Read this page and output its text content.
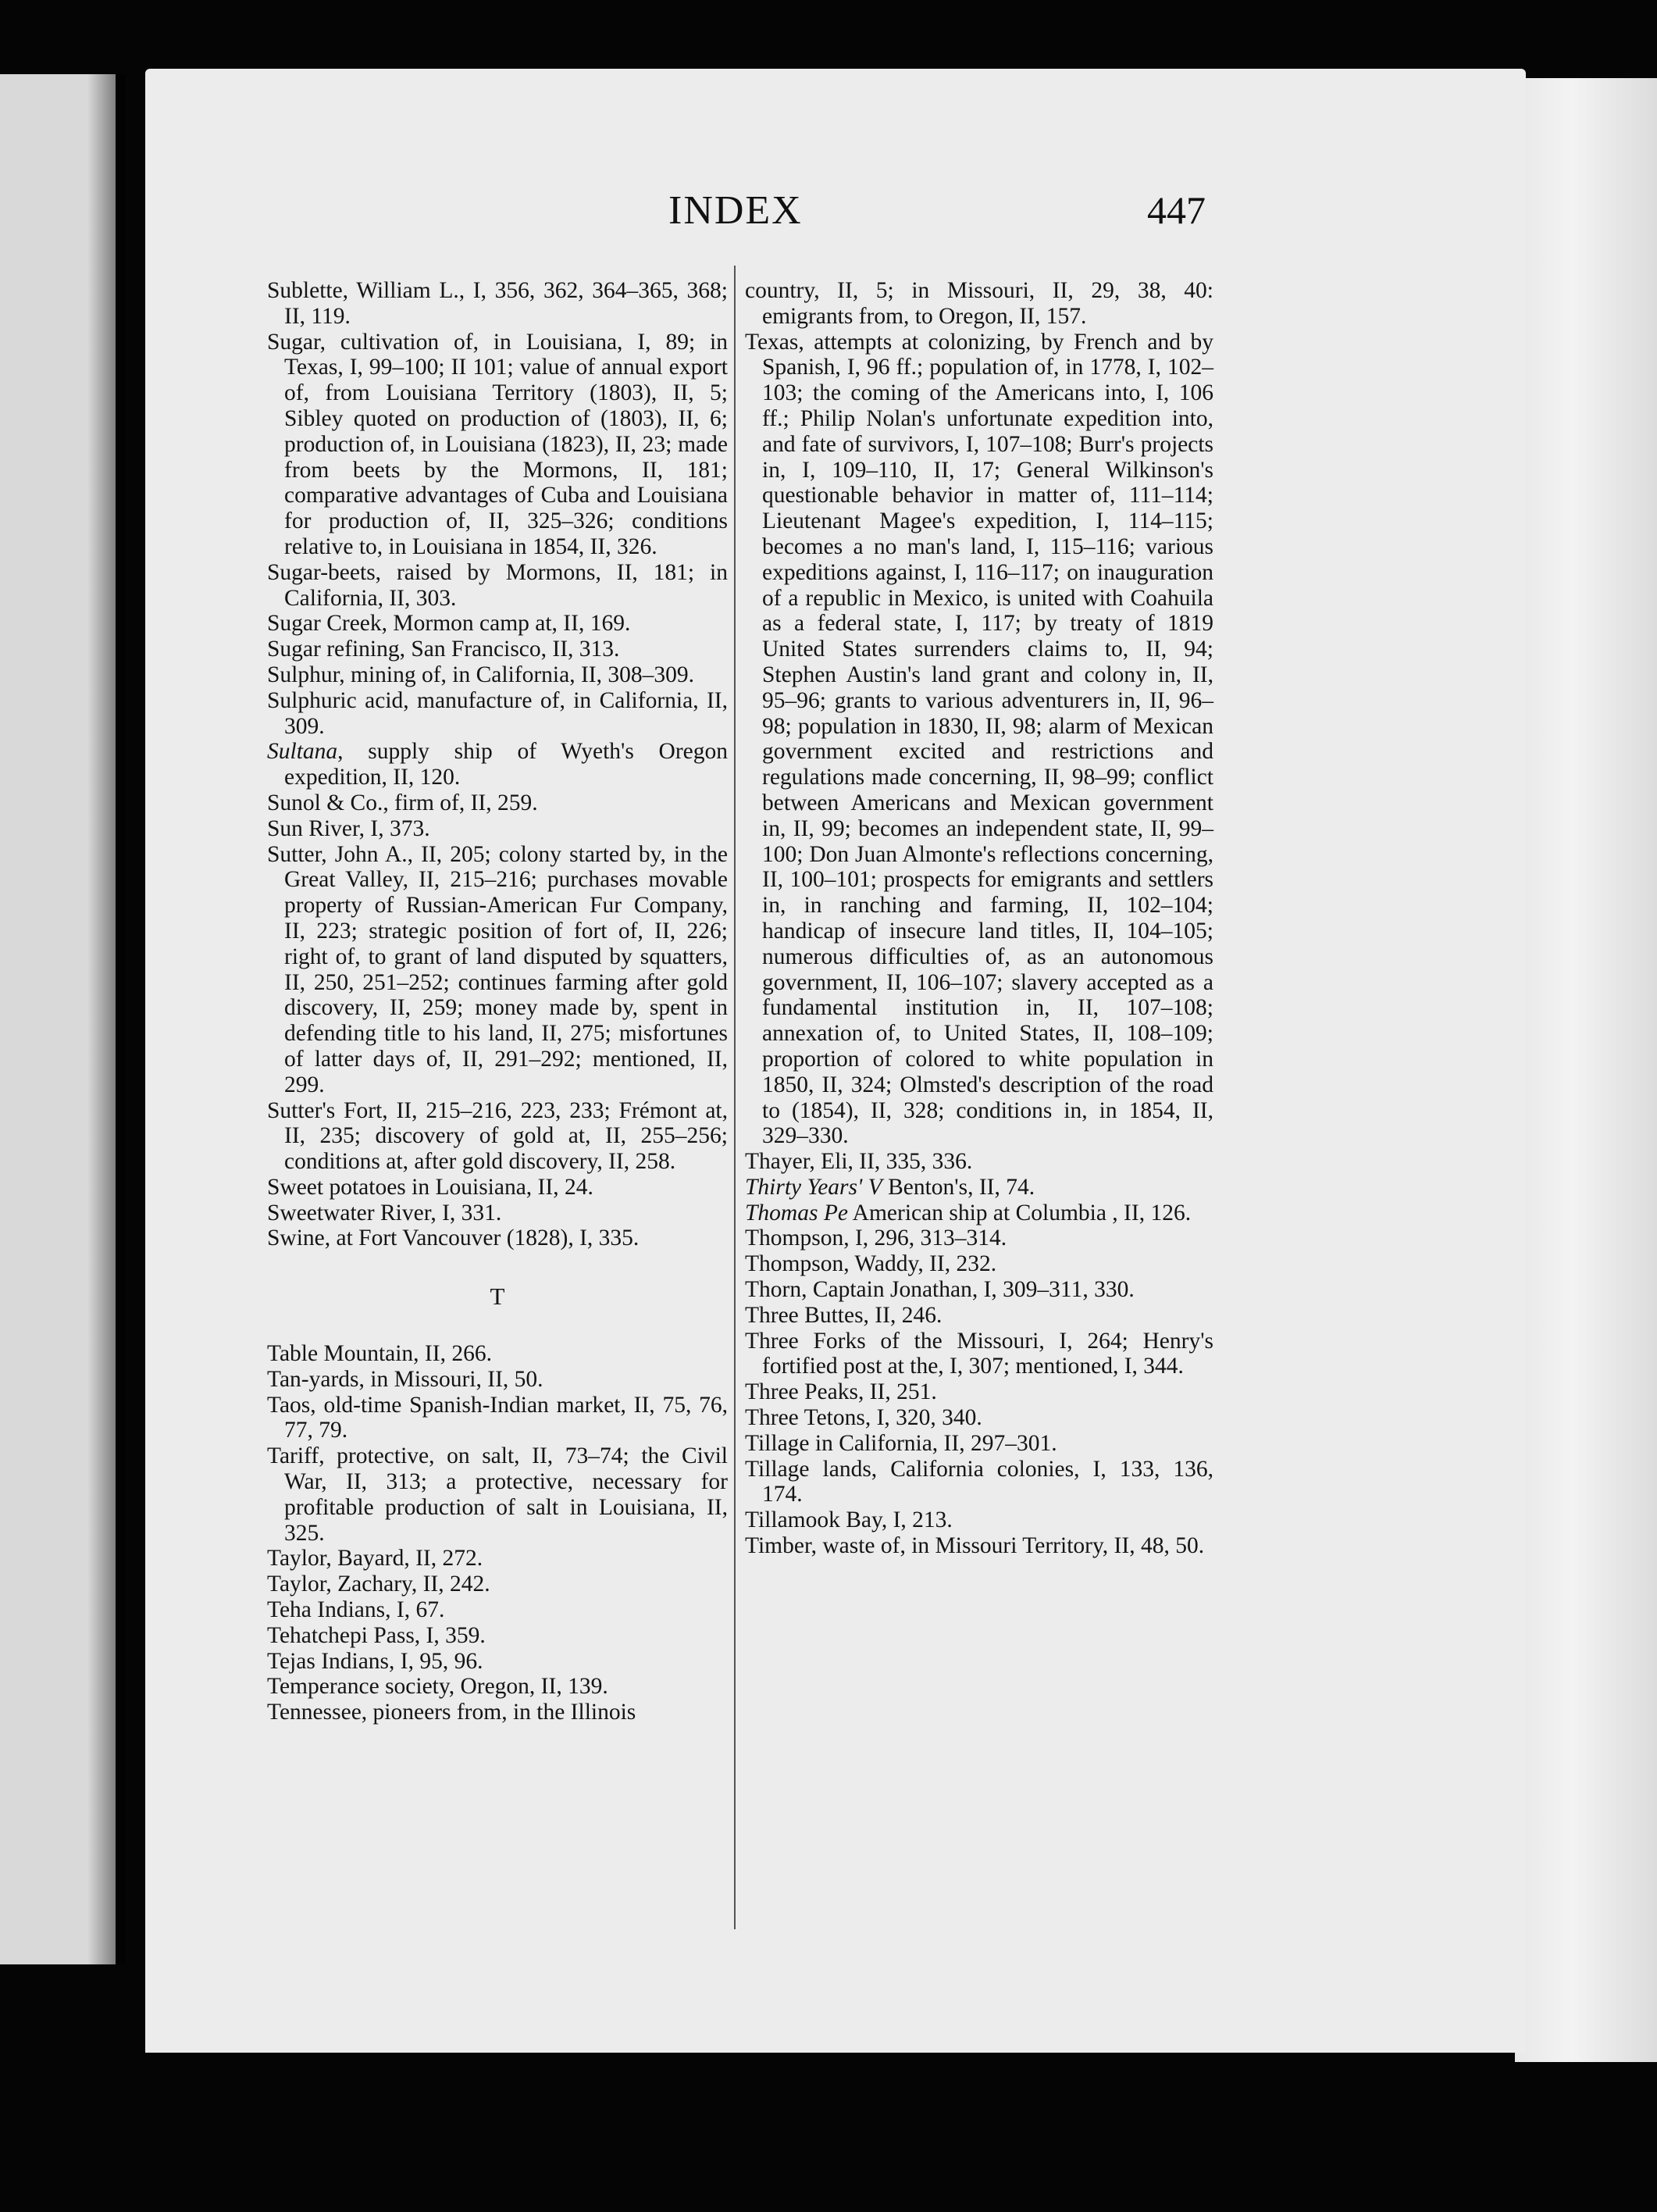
INDEX	447

Sublette, William L., I, 356, 362, 364–365, 368; II, 119.

Sugar, cultivation of, in Louisiana, I, 89; in Texas, I, 99–100; II 101; value of annual export of, from Louisiana Territory (1803), II, 5; Sibley quoted on production of (1803), II, 6; production of, in Louisiana (1823), II, 23; made from beets by the Mormons, II, 181; comparative advantages of Cuba and Louisiana for production of, II, 325–326; conditions relative to, in Louisiana in 1854, II, 326.

Sugar-beets, raised by Mormons, II, 181; in California, II, 303.

Sugar Creek, Mormon camp at, II, 169.

Sugar refining, San Francisco, II, 313.

Sulphur, mining of, in California, II, 308–309.

Sulphuric acid, manufacture of, in California, II, 309.

Sultana, supply ship of Wyeth's Oregon expedition, II, 120.

Sunol & Co., firm of, II, 259.

Sun River, I, 373.

Sutter, John A., II, 205; colony started by, in the Great Valley, II, 215–216; purchases movable property of Russian-American Fur Company, II, 223; strategic position of fort of, II, 226; right of, to grant of land disputed by squatters, II, 250, 251–252; continues farming after gold discovery, II, 259; money made by, spent in defending title to his land, II, 275; misfortunes of latter days of, II, 291–292; mentioned, II, 299.

Sutter's Fort, II, 215–216, 223, 233; Frémont at, II, 235; discovery of gold at, II, 255–256; conditions at, after gold discovery, II, 258.

Sweet potatoes in Louisiana, II, 24.

Sweetwater River, I, 331.

Swine, at Fort Vancouver (1828), I, 335.

T

Table Mountain, II, 266.

Tan-yards, in Missouri, II, 50.

Taos, old-time Spanish-Indian market, II, 75, 76, 77, 79.

Tariff, protective, on salt, II, 73–74; the Civil War, II, 313; a protective, necessary for profitable production of salt in Louisiana, II, 325.

Taylor, Bayard, II, 272.

Taylor, Zachary, II, 242.

Teha Indians, I, 67.

Tehatchepi Pass, I, 359.

Tejas Indians, I, 95, 96.

Temperance society, Oregon, II, 139.

Tennessee, pioneers from, in the Illinois

country, II, 5; in Missouri, II, 29, 38, 40: emigrants from, to Oregon, II, 157.

Texas, attempts at colonizing, by French and by Spanish, I, 96 ff.; population of, in 1778, I, 102–103; the coming of the Americans into, I, 106 ff.; Philip Nolan's unfortunate expedition into, and fate of survivors, I, 107–108; Burr's projects in, I, 109–110, II, 17; General Wilkinson's questionable behavior in matter of, 111–114; Lieutenant Magee's expedition, I, 114–115; becomes a no man's land, I, 115–116; various expeditions against, I, 116–117; on inauguration of a republic in Mexico, is united with Coahuila as a federal state, I, 117; by treaty of 1819 United States surrenders claims to, II, 94; Stephen Austin's land grant and colony in, II, 95–96; grants to various adventurers in, II, 96–98; population in 1830, II, 98; alarm of Mexican government excited and restrictions and regulations made concerning, II, 98–99; conflict between Americans and Mexican government in, II, 99; becomes an independent state, II, 99–100; Don Juan Almonte's reflections concerning, II, 100–101; prospects for emigrants and settlers in, in ranching and farming, II, 102–104; handicap of insecure land titles, II, 104–105; numerous difficulties of, as an autonomous government, II, 106–107; slavery accepted as a fundamental institution in, II, 107–108; annexation of, to United States, II, 108–109; proportion of colored to white population in 1850, II, 324; Olmsted's description of the road to (1854), II, 328; conditions in, in 1854, II, 329–330.

Thayer, Eli, II, 335, 336.

Thirty Years' V Benton's, II, 74.

Thomas Pe American ship at Columbia , II, 126.

Thompson, I, 296, 313–314.

Thompson, Waddy, II, 232.

Thorn, Captain Jonathan, I, 309–311, 330.

Three Buttes, II, 246.

Three Forks of the Missouri, I, 264; Henry's fortified post at the, I, 307; mentioned, I, 344.

Three Peaks, II, 251.

Three Tetons, I, 320, 340.

Tillage in California, II, 297–301.

Tillage lands, California colonies, I, 133, 136, 174.

Tillamook Bay, I, 213.

Timber, waste of, in Missouri Territory, II, 48, 50.
